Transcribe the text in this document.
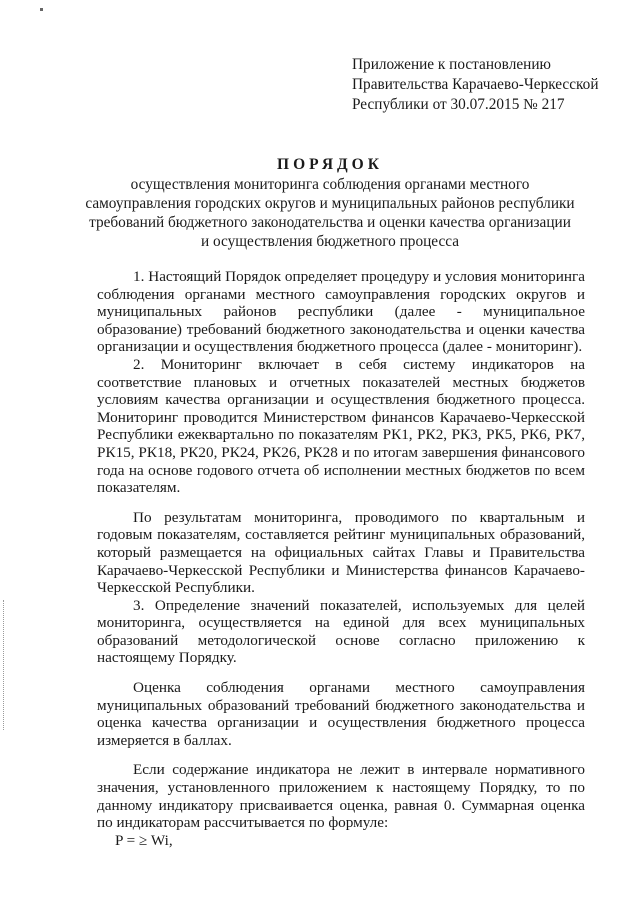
Приложение к постановлению
Правительства Карачаево-Черкесской
Республики от 30.07.2015 № 217
ПОРЯДОК
осуществления мониторинга соблюдения органами местного
самоуправления городских округов и муниципальных районов республики
требований бюджетного законодательства и оценки качества организации
и осуществления бюджетного процесса

1. Настоящий Порядок определяет процедуру и условия мониторинга соблюдения органами местного самоуправления городских округов и муниципальных районов республики (далее - муниципальное образование) требований бюджетного законодательства и оценки качества организации и осуществления бюджетного процесса (далее - мониторинг).

2. Мониторинг включает в себя систему индикаторов на соответствие плановых и отчетных показателей местных бюджетов условиям качества организации и осуществления бюджетного процесса. Мониторинг проводится Министерством финансов Карачаево-Черкесской Республики ежеквартально по показателям РК1, РК2, РК3, РК5, РК6, РК7, РК15, РК18, РК20, РК24, РК26, РК28 и по итогам завершения финансового года на основе годового отчета об исполнении местных бюджетов по всем показателям.

По результатам мониторинга, проводимого по квартальным и годовым показателям, составляется рейтинг муниципальных образований, который размещается на официальных сайтах Главы и Правительства Карачаево-Черкесской Республики и Министерства финансов Карачаево-Черкесской Республики.

3. Определение значений показателей, используемых для целей мониторинга, осуществляется на единой для всех муниципальных образований методологической основе согласно приложению к настоящему Порядку.

Оценка соблюдения органами местного самоуправления муниципальных образований требований бюджетного законодательства и оценка качества организации и осуществления бюджетного процесса измеряется в баллах.

Если содержание индикатора не лежит в интервале нормативного значения, установленного приложением к настоящему Порядку, то по данному индикатору присваивается оценка, равная 0. Суммарная оценка по индикаторам рассчитывается по формуле:

P = ≥ Wi,
